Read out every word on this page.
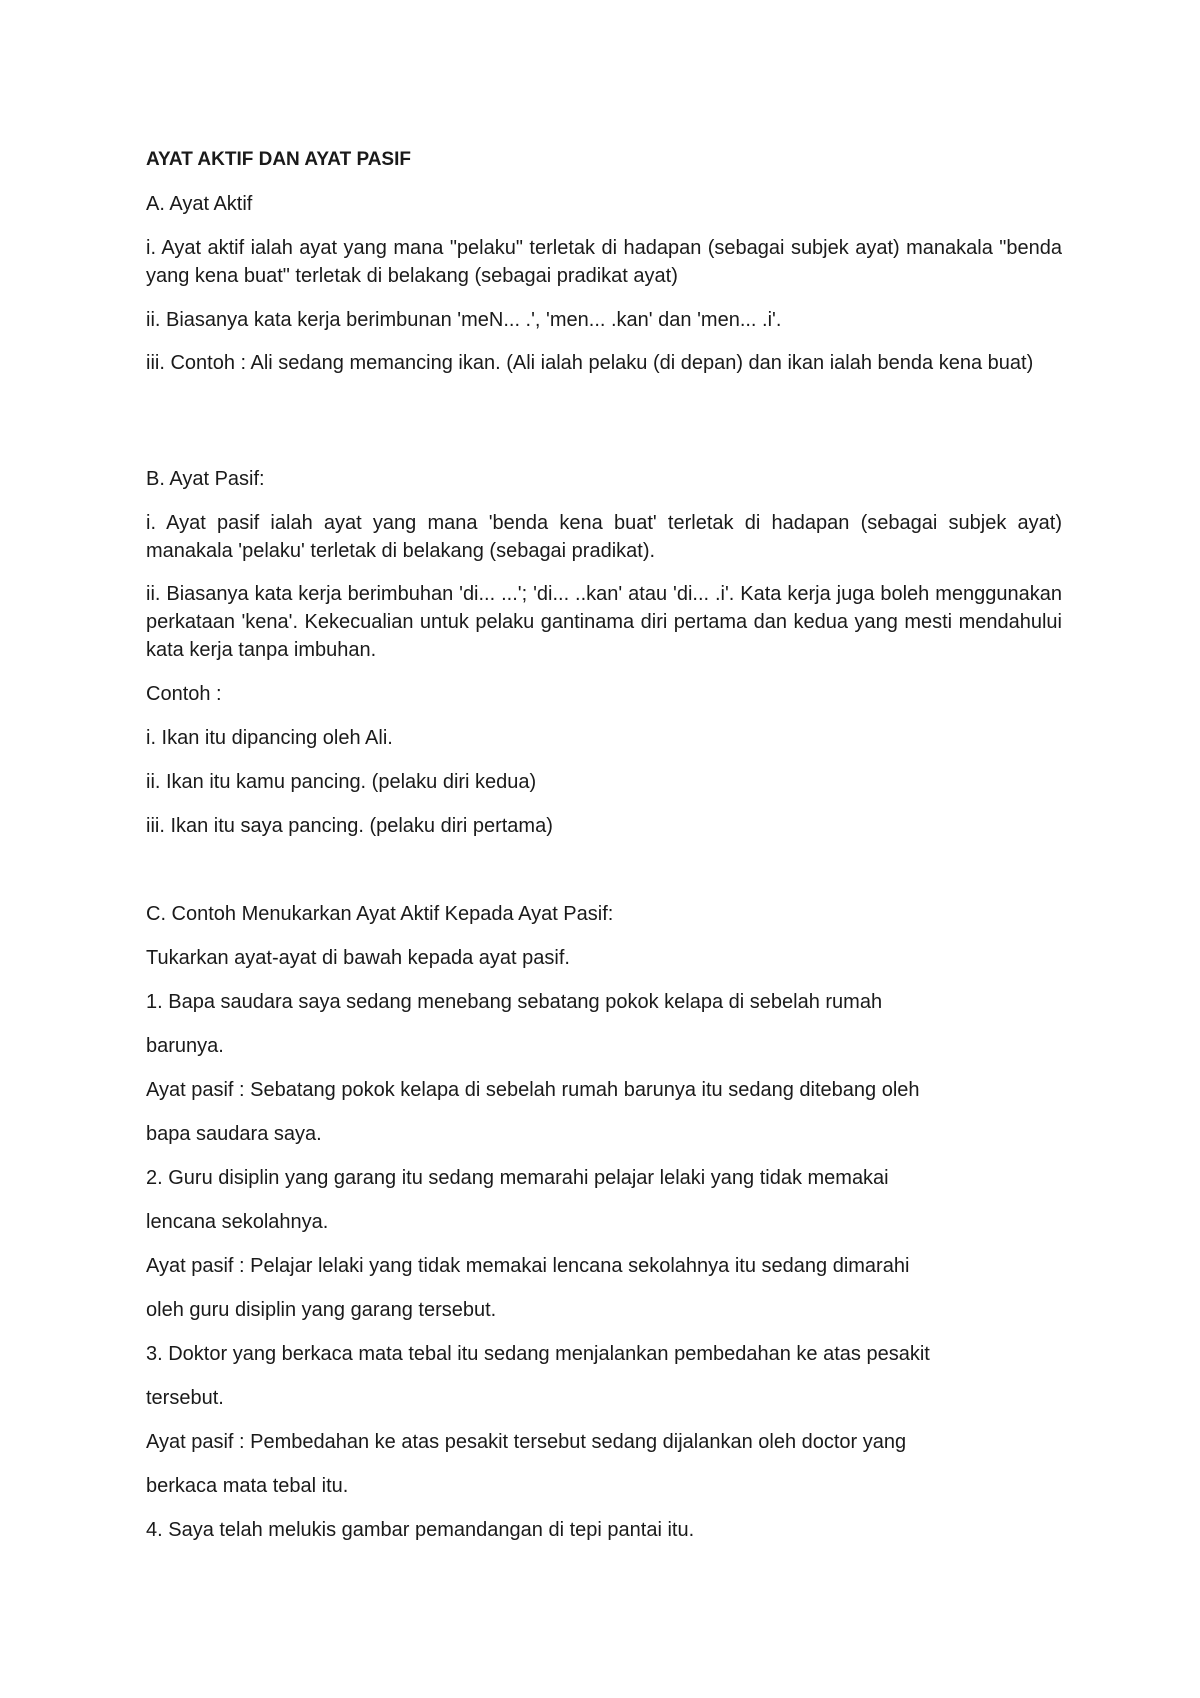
AYAT AKTIF DAN AYAT PASIF

A. Ayat Aktif

i. Ayat aktif ialah ayat yang mana "pelaku" terletak di hadapan (sebagai subjek ayat) manakala "benda yang kena buat" terletak di belakang (sebagai pradikat ayat)

ii. Biasanya kata kerja berimbunan 'meN... .', 'men... .kan' dan 'men... .i'.

iii. Contoh : Ali sedang memancing ikan. (Ali ialah pelaku (di depan) dan ikan ialah benda kena buat)

B. Ayat Pasif:

i. Ayat pasif ialah ayat yang mana 'benda kena buat' terletak di hadapan (sebagai subjek ayat) manakala 'pelaku' terletak di belakang (sebagai pradikat).

ii. Biasanya kata kerja berimbuhan 'di... ...'; 'di... ..kan' atau 'di... .i'. Kata kerja juga boleh menggunakan perkataan 'kena'. Kekecualian untuk pelaku gantinama diri pertama dan kedua yang mesti mendahului kata kerja tanpa imbuhan.

Contoh :

i. Ikan itu dipancing oleh Ali.

ii. Ikan itu kamu pancing. (pelaku diri kedua)

iii. Ikan itu saya pancing. (pelaku diri pertama)

C. Contoh Menukarkan Ayat Aktif Kepada Ayat Pasif:

Tukarkan ayat-ayat di bawah kepada ayat pasif.

1. Bapa saudara saya sedang menebang sebatang pokok kelapa di sebelah rumah

barunya.

Ayat pasif : Sebatang pokok kelapa di sebelah rumah barunya itu sedang ditebang oleh

bapa saudara saya.

2. Guru disiplin yang garang itu sedang memarahi pelajar lelaki yang tidak memakai

lencana sekolahnya.

Ayat pasif : Pelajar lelaki yang tidak memakai lencana sekolahnya itu sedang dimarahi

oleh guru disiplin yang garang tersebut.

3. Doktor yang berkaca mata tebal itu sedang menjalankan pembedahan ke atas pesakit

tersebut.

Ayat pasif : Pembedahan ke atas pesakit tersebut sedang dijalankan oleh doctor yang

berkaca mata tebal itu.

4. Saya telah melukis gambar pemandangan di tepi pantai itu.
